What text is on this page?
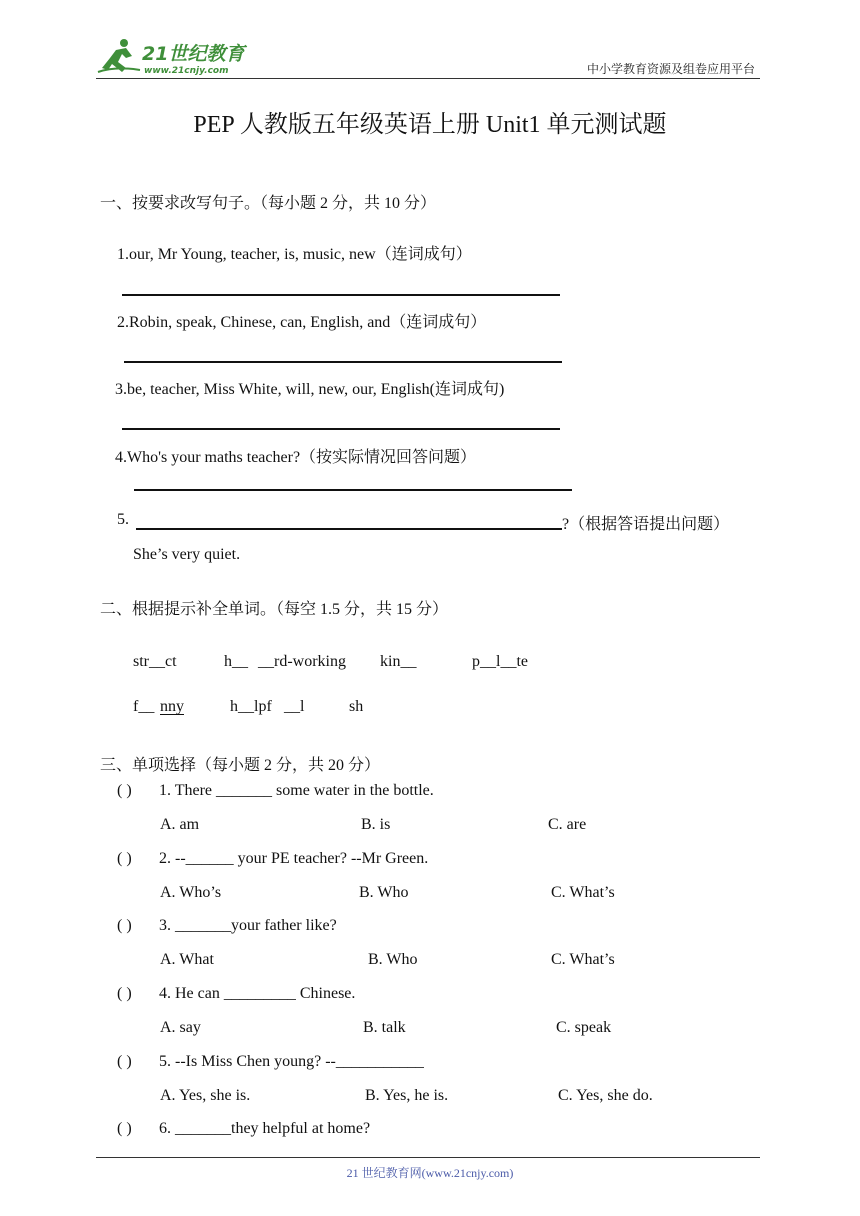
21世纪教育
www.21cnjy.com	中小学教育资源及组卷应用平台
PEP 人教版五年级英语上册 Unit1 单元测试题
一、按要求改写句子。（每小题 2 分，共 10 分）
1.our, Mr Young, teacher, is, music, new（连词成句）
2.Robin, speak, Chinese, can, English, and（连词成句）
3.be, teacher, Miss White, will, new, our, English(连词成句)
4.Who's your maths teacher?（按实际情况回答问题）
5.	?（根据答语提出问题）
She’s very quiet.
二、根据提示补全单词。（每空 1.5 分，共 15 分）
str__ct	h__ __rd-working kin__	p__l__te
f__ nny	h__lpf __l	sh
三、单项选择（每小题 2 分，共 20 分）
( ) 1. There _______ some water in the bottle.
A. am	B. is	C. are
( ) 2. --______ your PE teacher? --Mr Green.
A. Who’s	B. Who	C. What’s
( ) 3. _______your father like?
A. What	B. Who	C. What’s
( ) 4. He can _________ Chinese.
A. say	B. talk	C. speak
( ) 5. --Is Miss Chen young? --___________
A. Yes, she is.	B. Yes, he is.	C. Yes, she do.
( ) 6. _______they helpful at home?
21 世纪教育网(www.21cnjy.com)
